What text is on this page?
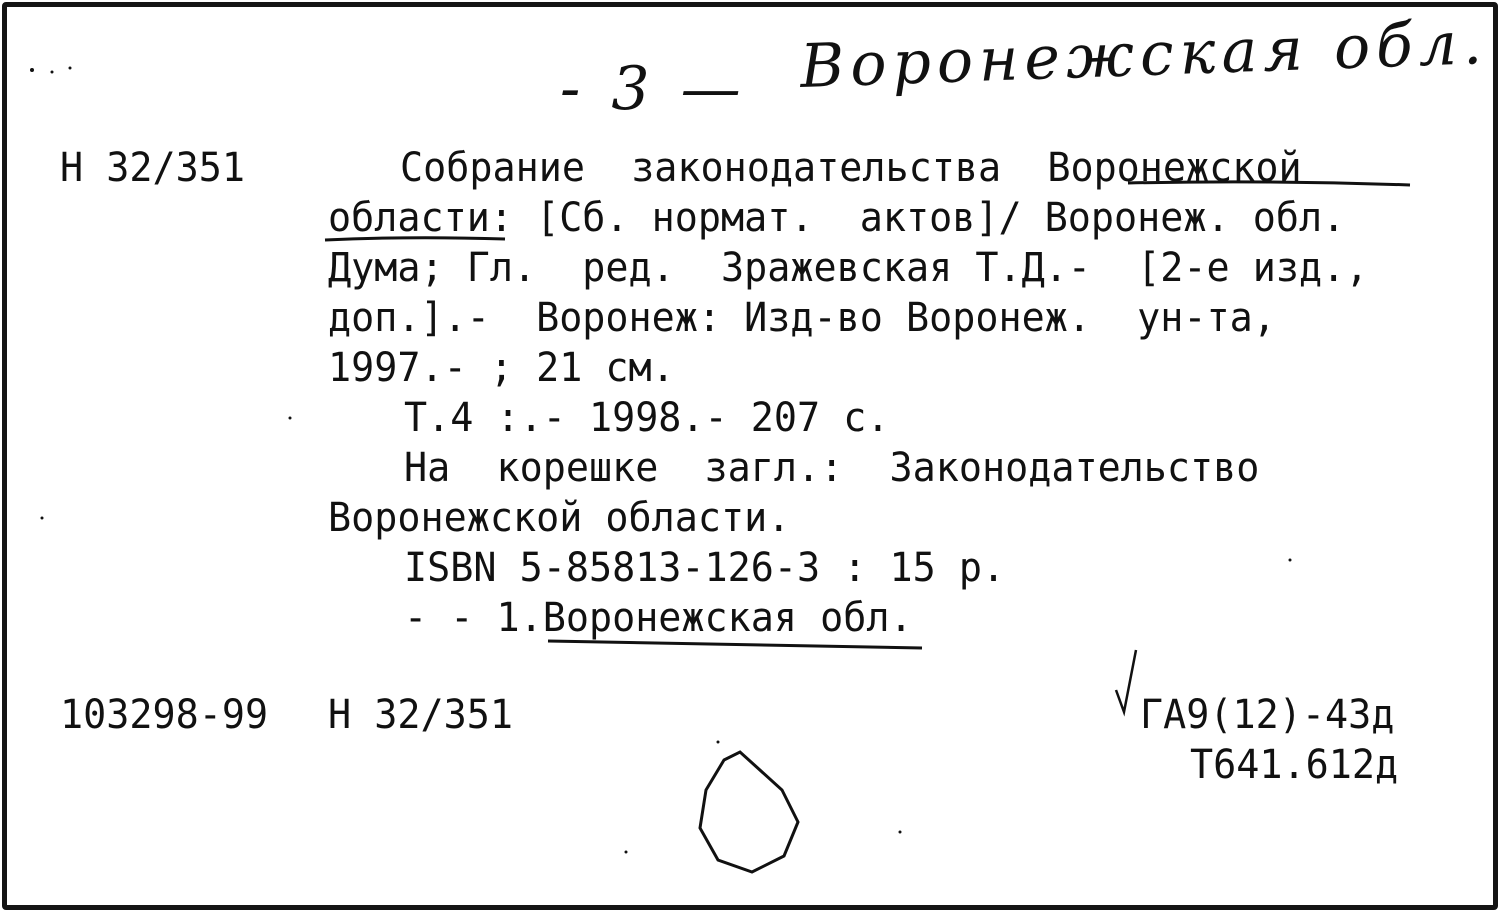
- 3 — Воронежская обл.

Н 32/351	Собрание  законодательства  Воронежской

области: [Сб. нормат.  актов]/ Воронеж. обл.

Дума; Гл.  ред.  Зражевская Т.Д.-  [2-е изд.,

доп.].-  Воронеж: Изд-во Воронеж.  ун-та,

1997.- ; 21 см.

Т.4 :.- 1998.- 207 с.

На  корешке  загл.:  Законодательство

Воронежской области.

ISBN 5-85813-126-3 : 15 р.

- - 1.Воронежская обл.

103298-99 Н 32/351	ГА9(12)-43д

Т641.612д
